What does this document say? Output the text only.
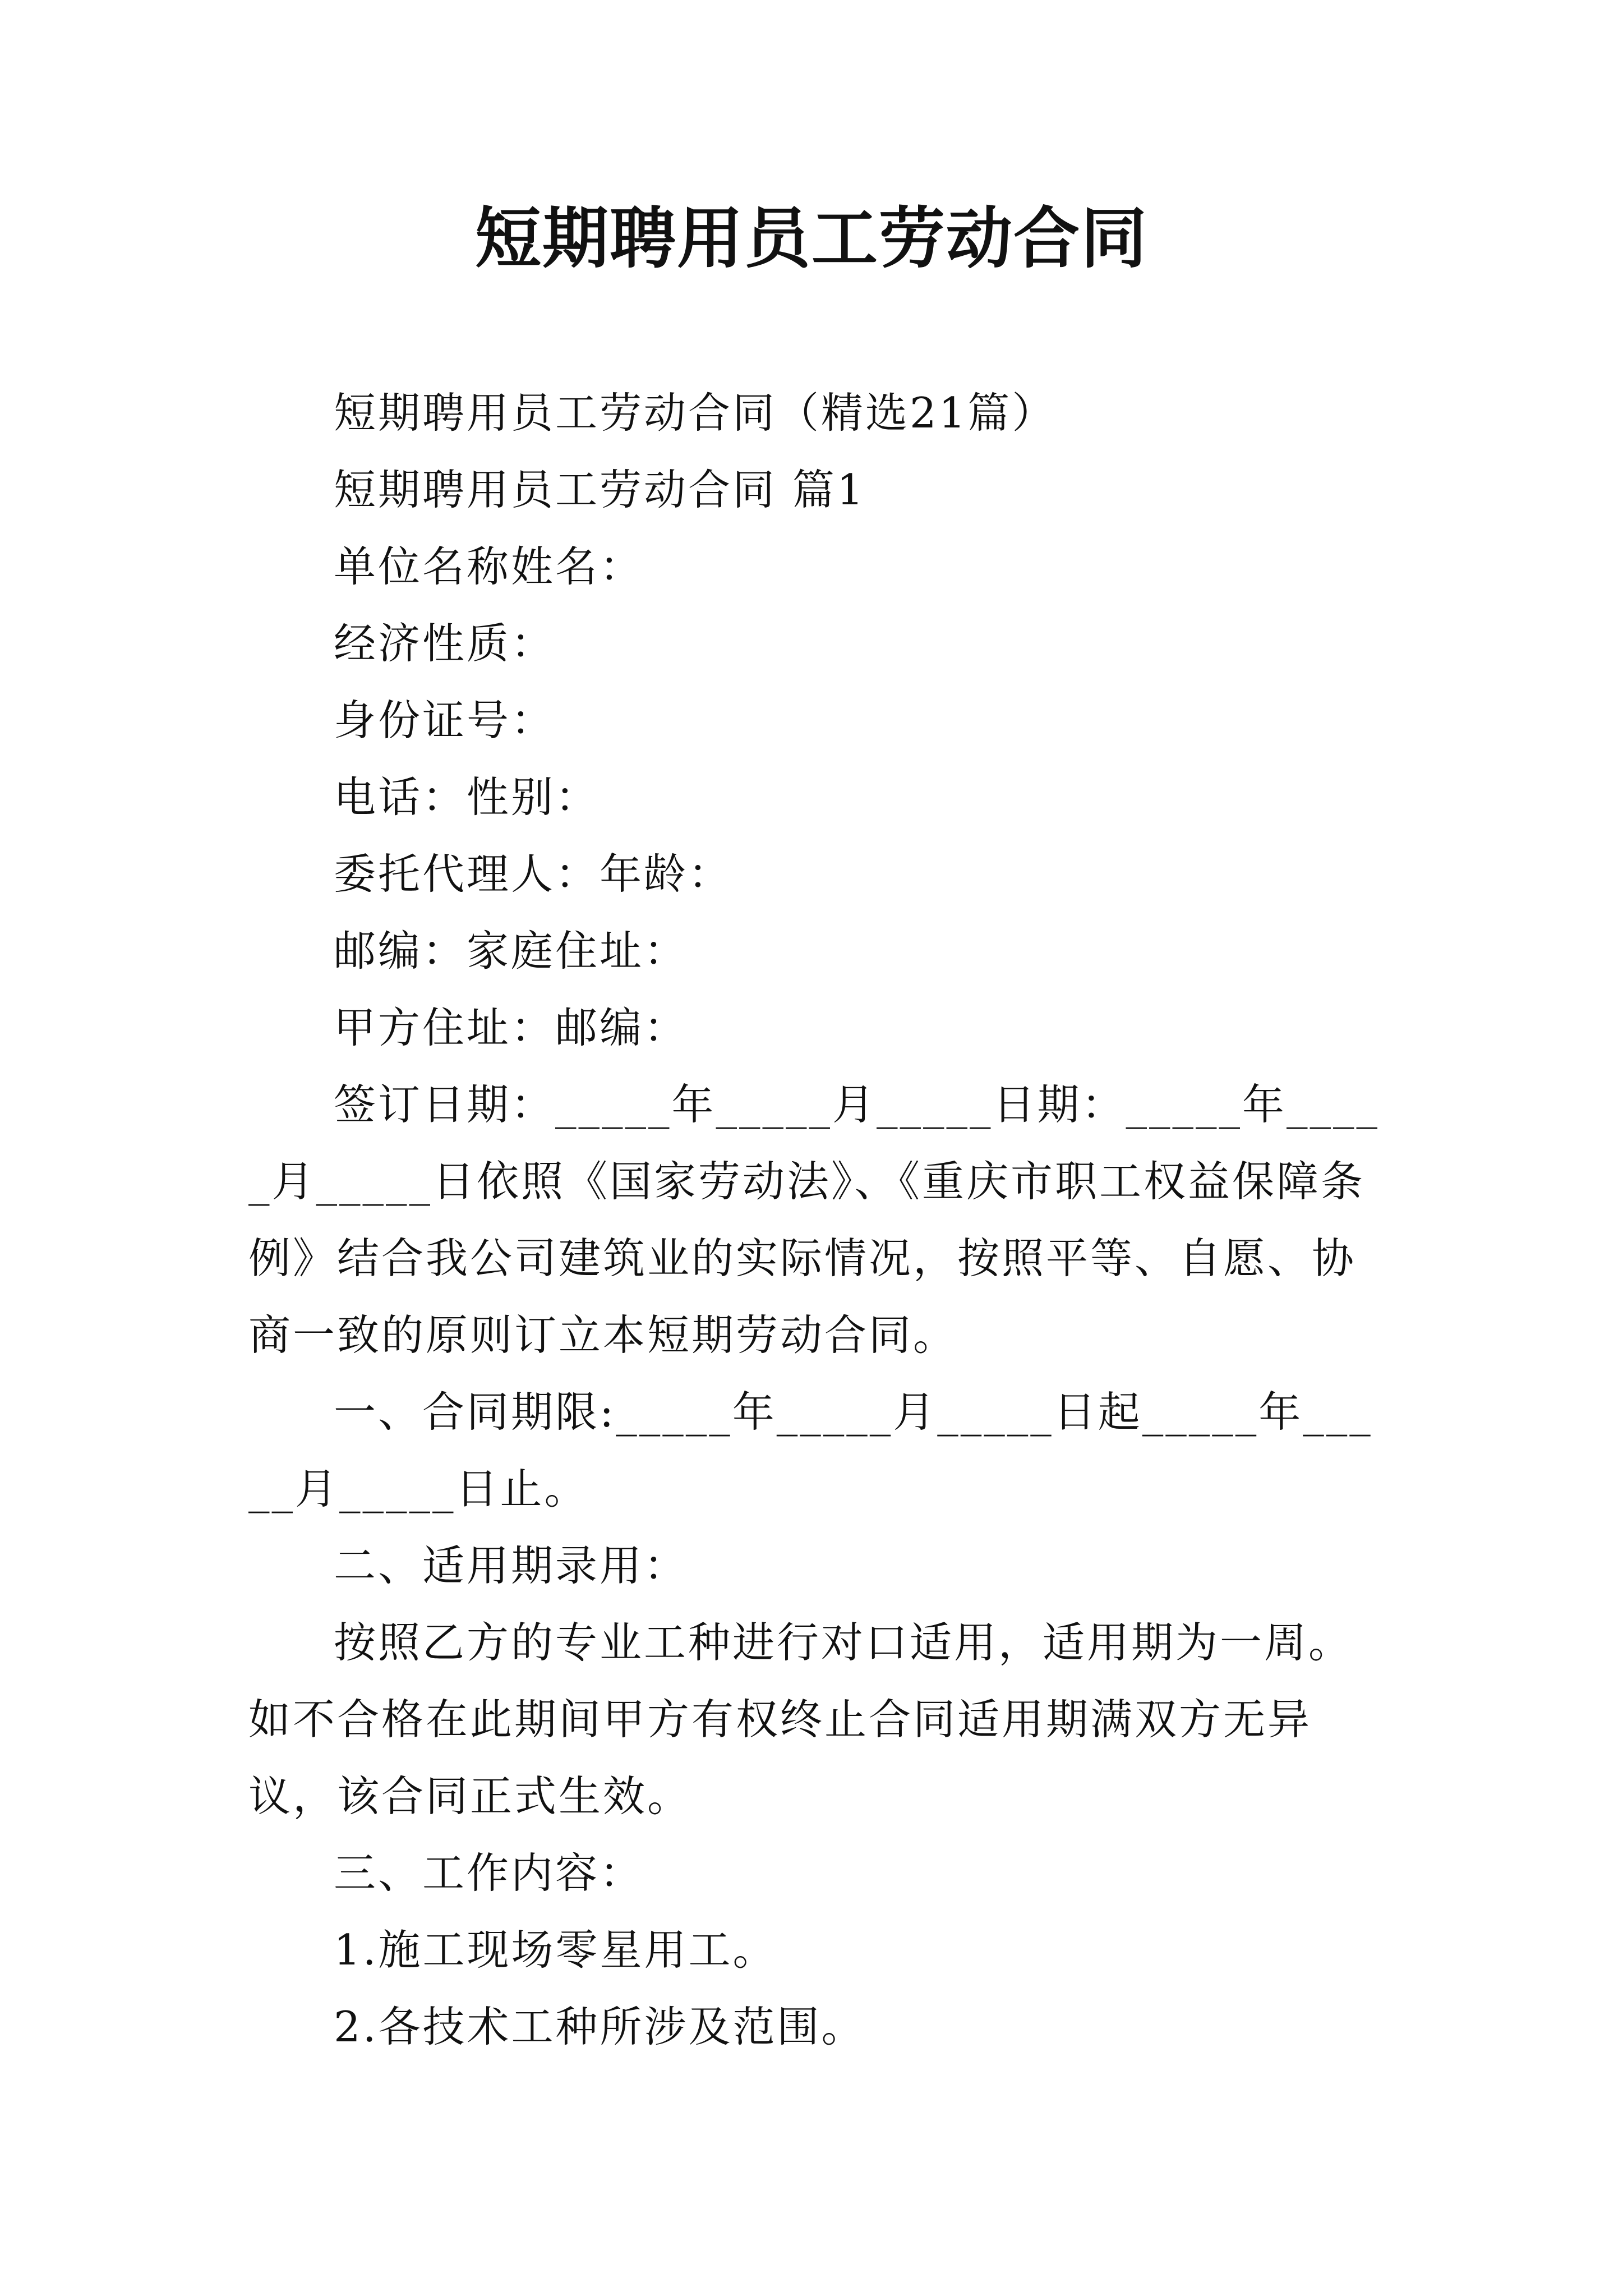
短期聘用员工劳动合同

短期聘用员工劳动合同（精选21篇）

短期聘用员工劳动合同 篇1

单位名称姓名：

经济性质：

身份证号：

电话：性别：

委托代理人：年龄：

邮编：家庭住址：

甲方住址：邮编：

签订日期：_____年_____月_____日期：_____年_____月_____日依照《国家劳动法》、《重庆市职工权益保障条例》结合我公司建筑业的实际情况，按照平等、自愿、协商一致的原则订立本短期劳动合同。

一、合同期限:_____年_____月_____日起_____年_____月_____日止。

二、适用期录用：

按照乙方的专业工种进行对口适用，适用期为一周。如不合格在此期间甲方有权终止合同适用期满双方无异议，该合同正式生效。

三、工作内容：

1.施工现场零星用工。

2.各技术工种所涉及范围。
